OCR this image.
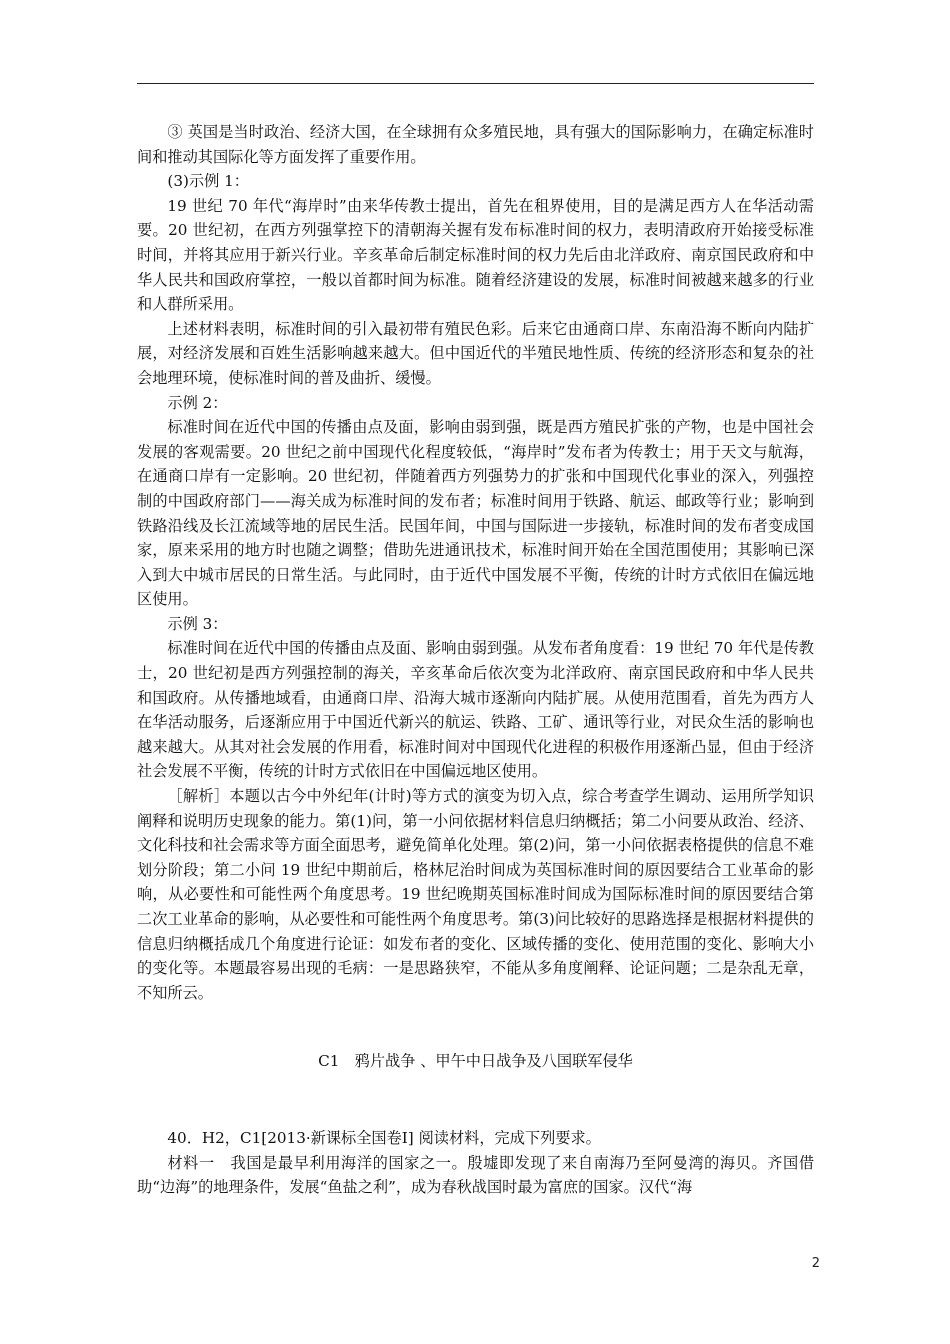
③ 英国是当时政治、经济大国，在全球拥有众多殖民地，具有强大的国际影响力，在确定标准时间和推动其国际化等方面发挥了重要作用。

(3)示例 1：

19 世纪 70 年代“海岸时”由来华传教士提出，首先在租界使用，目的是满足西方人在华活动需要。20 世纪初，在西方列强掌控下的清朝海关握有发布标准时间的权力，表明清政府开始接受标准时间，并将其应用于新兴行业。辛亥革命后制定标准时间的权力先后由北洋政府、南京国民政府和中华人民共和国政府掌控，一般以首都时间为标准。随着经济建设的发展，标准时间被越来越多的行业和人群所采用。

上述材料表明，标准时间的引入最初带有殖民色彩。后来它由通商口岸、东南沿海不断向内陆扩展，对经济发展和百姓生活影响越来越大。但中国近代的半殖民地性质、传统的经济形态和复杂的社会地理环境，使标准时间的普及曲折、缓慢。

示例 2：

标准时间在近代中国的传播由点及面，影响由弱到强，既是西方殖民扩张的产物，也是中国社会发展的客观需要。20 世纪之前中国现代化程度较低，“海岸时”发布者为传教士；用于天文与航海，在通商口岸有一定影响。20 世纪初，伴随着西方列强势力的扩张和中国现代化事业的深入，列强控制的中国政府部门——海关成为标准时间的发布者；标准时间用于铁路、航运、邮政等行业；影响到铁路沿线及长江流域等地的居民生活。民国年间，中国与国际进一步接轨，标准时间的发布者变成国家，原来采用的地方时也随之调整；借助先进通讯技术，标准时间开始在全国范围使用；其影响已深入到大中城市居民的日常生活。与此同时，由于近代中国发展不平衡，传统的计时方式依旧在偏远地区使用。

示例 3：

标准时间在近代中国的传播由点及面、影响由弱到强。从发布者角度看：19 世纪 70 年代是传教士，20 世纪初是西方列强控制的海关，辛亥革命后依次变为北洋政府、南京国民政府和中华人民共和国政府。从传播地域看，由通商口岸、沿海大城市逐渐向内陆扩展。从使用范围看，首先为西方人在华活动服务，后逐渐应用于中国近代新兴的航运、铁路、工矿、通讯等行业，对民众生活的影响也越来越大。从其对社会发展的作用看，标准时间对中国现代化进程的积极作用逐渐凸显，但由于经济社会发展不平衡，传统的计时方式依旧在中国偏远地区使用。

［解析］本题以古今中外纪年(计时)等方式的演变为切入点，综合考查学生调动、运用所学知识阐释和说明历史现象的能力。第(1)问，第一小问依据材料信息归纳概括；第二小问要从政治、经济、文化科技和社会需求等方面全面思考，避免简单化处理。第(2)问，第一小问依据表格提供的信息不难划分阶段；第二小问 19 世纪中期前后，格林尼治时间成为英国标准时间的原因要结合工业革命的影响，从必要性和可能性两个角度思考。19 世纪晚期英国标准时间成为国际标准时间的原因要结合第二次工业革命的影响，从必要性和可能性两个角度思考。第(3)问比较好的思路选择是根据材料提供的信息归纳概括成几个角度进行论证：如发布者的变化、区域传播的变化、使用范围的变化、影响大小的变化等。本题最容易出现的毛病：一是思路狭窄，不能从多角度阐释、论证问题；二是杂乱无章，不知所云。

C1　鸦片战争 、甲午中日战争及八国联军侵华

40．H2，C1[2013·新课标全国卷Ⅰ] 阅读材料，完成下列要求。

材料一　我国是最早利用海洋的国家之一。殷墟即发现了来自南海乃至阿曼湾的海贝。齐国借助“边海”的地理条件，发展“鱼盐之利”，成为春秋战国时最为富庶的国家。汉代“海

2
